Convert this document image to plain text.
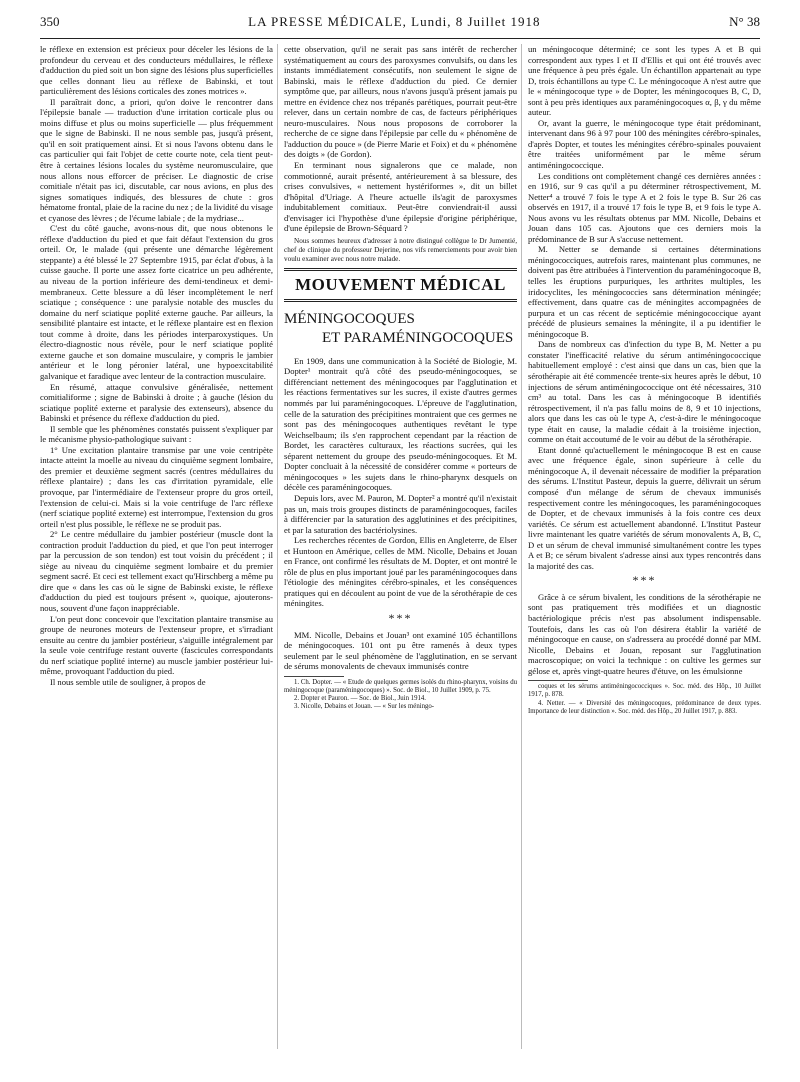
350	LA PRESSE MÉDICALE, Lundi, 8 Juillet 1918	N° 38

le réflexe en extension est précieux pour déceler les lésions de la profondeur du cerveau et des conducteurs médullaires, le réflexe d'adduction du pied soit un bon signe des lésions plus superficielles que celles donnant lieu au réflexe de Babinski, et tout particulièrement des lésions corticales des zones motrices ».

Il paraîtrait donc, a priori, qu'on doive le rencontrer dans l'épilepsie banale — traduction d'une irritation corticale plus ou moins diffuse et plus ou moins superficielle — plus fréquemment que le signe de Babinski. Il ne nous semble pas, jusqu'à présent, qu'il en soit pratiquement ainsi. Et si nous l'avons obtenu dans le cas particulier qui fait l'objet de cette courte note, cela tient peut-être à certaines lésions locales du système neuromusculaire, que nous allons nous efforcer de préciser. Le diagnostic de crise comitiale n'était pas ici, discutable, car nous avions, en plus des signes somatiques indiqués, des blessures de chute : gros hématome frontal, plaie de la racine du nez ; de la lividité du visage et cyanose des lèvres ; de l'écume labiale ; de la mydriase...

C'est du côté gauche, avons-nous dit, que nous obtenons le réflexe d'adduction du pied et que fait défaut l'extension du gros orteil. Or, le malade (qui présente une démarche légèrement steppante) a été blessé le 27 Septembre 1915, par éclat d'obus, à la cuisse gauche. Il porte une assez forte cicatrice un peu adhérente, au niveau de la portion inférieure des demi-tendineux et demi-membraneux. Cette blessure a dû léser incomplètement le nerf sciatique ; conséquence : une paralysie notable des muscles du domaine du nerf sciatique poplité externe gauche. Par ailleurs, la sensibilité plantaire est intacte, et le réflexe plantaire est en flexion tout comme à droite, dans les périodes interparoxystiques. Un électro-diagnostic nous révèle, pour le nerf sciatique poplité externe gauche et son domaine musculaire, y compris le jambier antérieur et le long péronier latéral, une hypoexcitabilité galvanique et faradique avec lenteur de la contraction musculaire.

En résumé, attaque convulsive généralisée, nettement comitialiforme ; signe de Babinski à droite ; à gauche (lésion du sciatique poplité externe et paralysie des extenseurs), absence du Babinski et présence du réflexe d'adduction du pied.

Il semble que les phénomènes constatés puissent s'expliquer par le mécanisme physio-pathologique suivant :

1° Une excitation plantaire transmise par une voie centripète intacte atteint la moelle au niveau du cinquième segment lombaire, des premier et deuxième segment sacrés (centres médullaires du réflexe plantaire) ; dans les cas d'irritation pyramidale, elle provoque, par l'intermédiaire de l'extenseur propre du gros orteil, l'extension de celui-ci. Mais si la voie centrifuge de l'arc réflexe (nerf sciatique poplité externe) est interrompue, l'extension du gros orteil n'est plus possible, le réflexe ne se produit pas.

2° Le centre médullaire du jambier postérieur (muscle dont la contraction produit l'adduction du pied, et que l'on peut interroger par la percussion de son tendon) est tout voisin du précédent ; il siège au niveau du cinquième segment lombaire et du premier segment sacré. Et ceci est tellement exact qu'Hirschberg a même pu dire que « dans les cas où le signe de Babinski existe, le réflexe d'adduction du pied est toujours présent », quoique, ajouterons-nous, souvent d'une façon inappréciable.

L'on peut donc concevoir que l'excitation plantaire transmise au groupe de neurones moteurs de l'extenseur propre, et s'irradiant ensuite au centre du jambier postérieur, s'aiguille intégralement par la seule voie centrifuge restant ouverte (fascicules correspondants du nerf sciatique poplité interne) au muscle jambier postérieur lui-même, provoquant l'adduction du pied.

Il nous semble utile de souligner, à propos de

cette observation, qu'il ne serait pas sans intérêt de rechercher systématiquement au cours des paroxysmes convulsifs, ou dans les instants immédiatement consécutifs, non seulement le signe de Babinski, mais le réflexe d'adduction du pied. Ce dernier symptôme que, par ailleurs, nous n'avons jusqu'à présent jamais pu mettre en évidence chez nos trépanés parétiques, pourrait peut-être relever, dans un certain nombre de cas, de facteurs périphériques neuro-musculaires. Nous nous proposons de corroborer la recherche de ce signe dans l'épilepsie par celle du « phénomène de l'adduction du pouce » (de Pierre Marie et Foix) et du « phénomène des doigts » (de Gordon).

En terminant nous signalerons que ce malade, non commotionné, aurait présenté, antérieurement à sa blessure, des crises convulsives, « nettement hystériformes », dit un billet d'hôpital d'Uriage. A l'heure actuelle ils'agit de paroxysmes indubitablement comitiaux. Peut-être conviendrait-il aussi d'envisager ici l'hypothèse d'une épilepsie d'origine périphérique, d'une épilepsie de Brown-Séquard ?

Nous sommes heureux d'adresser à notre distingué collègue le Dr Jumentié, chef de clinique du professeur Dejerine, nos vifs remerciements pour avoir bien voulu examiner avec nous notre malade.

MOUVEMENT MÉDICAL
MÉNINGOCOQUES
ET PARAMÉNINGOCOQUES

En 1909, dans une communication à la Société de Biologie, M. Dopter¹ montrait qu'à côté des pseudo-méningocoques, se différenciant nettement des méningocoques par l'agglutination et les réactions fermentatives sur les sucres, il existe d'autres germes nommés par lui paraméningocoques. L'épreuve de l'agglutination, celle de la saturation des précipitines montraient que ces germes ne sont pas des méningocoques authentiques revêtant le type Weichselbaum; ils s'en rapprochent cependant par la réaction de Bordet, les caractères culturaux, les réactions sucrées, qui les séparent nettement du groupe des pseudo-méningocoques. Et M. Dopter concluait à la nécessité de considérer comme « porteurs de méningocoques » les sujets dans le rhino-pharynx desquels on décèle ces paraméningocoques.

Depuis lors, avec M. Pauron, M. Dopter² a montré qu'il n'existait pas un, mais trois groupes distincts de paraméningocoques, faciles à différencier par la saturation des agglutinines et des précipitines, et par la saturation des bactériolysines.

Les recherches récentes de Gordon, Ellis en Angleterre, de Elser et Huntoon en Amérique, celles de MM. Nicolle, Debains et Jouan en France, ont confirmé les résultats de M. Dopter, et ont montré le rôle de plus en plus important joué par les paraméningocoques dans l'étiologie des méningites cérébro-spinales, et les conséquences pratiques qui en découlent au point de vue de la sérothérapie de ces méningites.

***

MM. Nicolle, Debains et Jouan³ ont examiné 105 échantillons de méningocoques. 101 ont pu être ramenés à deux types seulement par le seul phénomène de l'agglutination, en se servant de sérums monovalents de chevaux immunisés contre

1. Ch. Dopter. — « Etude de quelques germes isolés du rhino-pharynx, voisins du méningocoque (paraméningocoques) ». Soc. de Biol., 10 Juillet 1909, p. 75.

2. Dopter et Pauron. — Soc. de Biol., Juin 1914.

3. Nicolle, Debains et Jouan. — « Sur les méningo-

un méningocoque déterminé; ce sont les types A et B qui correspondent aux types I et II d'Ellis et qui ont été trouvés avec une fréquence à peu près égale. Un échantillon appartenait au type D, trois échantillons au type C. Le méningocoque A n'est autre que le « méningocoque type » de Dopter, les méningocoques B, C, D, sont à peu près identiques aux paraméningocoques α, β, γ du même auteur.

Or, avant la guerre, le méningocoque type était prédominant, intervenant dans 96 à 97 pour 100 des méningites cérébro-spinales, d'après Dopter, et toutes les méningites cérébro-spinales pouvaient être traitées uniformément par le même sérum antiméningococcique.

Les conditions ont complètement changé ces dernières années : en 1916, sur 9 cas qu'il a pu déterminer rétrospectivement, M. Netter⁴ a trouvé 7 fois le type A et 2 fois le type B. Sur 26 cas observés en 1917, il a trouvé 17 fois le type B, et 9 fois le type A. Nous avons vu les résultats obtenus par MM. Nicolle, Debains et Jouan dans 105 cas. Ajoutons que ces derniers mois la prédominance de B sur A s'accuse nettement.

M. Netter se demande si certaines déterminations méningococciques, autrefois rares, maintenant plus communes, ne doivent pas être attribuées à l'intervention du paraméningocoque B, telles les éruptions purpuriques, les arthrites multiples, les iridocyclites, les méningococcies sans détermination méningée; effectivement, dans quatre cas de méningites accompagnées de purpura et un cas récent de septicémie méningococcique ayant précédé de plusieurs semaines la méningite, il a pu identifier le méningocoque B.

Dans de nombreux cas d'infection du type B, M. Netter a pu constater l'inefficacité relative du sérum antiméningococcique habituellement employé : c'est ainsi que dans un cas, bien que la sérothérapie ait été commencée trente-six heures après le début, 10 injections de sérum antiméningococcique ont été nécessaires, 310 cm³ au total. Dans les cas à méningocoque B identifiés rétrospectivement, il n'a pas fallu moins de 8, 9 et 10 injections, alors que dans les cas où le type A, c'est-à-dire le méningocoque type était en cause, la maladie cédait à la troisième injection, comme on était accoutumé de le voir au début de la sérothérapie.

Etant donné qu'actuellement le méningocoque B est en cause avec une fréquence égale, sinon supérieure à celle du méningocoque A, il devenait nécessaire de modifier la préparation des sérums. L'Institut Pasteur, depuis la guerre, délivrait un sérum composé d'un mélange de sérum de chevaux immunisés respectivement contre les méningocoques, les paraméningocoques de Dopter, et de chevaux immunisés à la fois contre ces deux variétés. Ce sérum est actuellement abandonné. L'Institut Pasteur livre maintenant les quatre variétés de sérum monovalents A, B, C, D et un sérum de cheval immunisé simultanément contre les types A et B; ce sérum bivalent s'adresse ainsi aux types rencontrés dans la majorité des cas.

***

Grâce à ce sérum bivalent, les conditions de la sérothérapie ne sont pas pratiquement très modifiées et un diagnostic bactériologique précis n'est pas absolument indispensable. Toutefois, dans les cas où l'on désirera établir la variété de méningocoque en cause, on s'adressera au procédé donné par MM. Nicolle, Debains et Jouan, reposant sur l'agglutination macroscopique; on voici la technique : on cultive les germes sur gélose et, après vingt-quatre heures d'étuve, on les émulsionne

coques et les sérums antiméningococciques ». Soc. méd. des Hôp., 10 Juillet 1917, p. 878.

4. Netter. — « Diversité des méningocoques, prédominance de deux types. Importance de leur distinction ». Soc. méd. des Hôp., 20 Juillet 1917, p. 883.
